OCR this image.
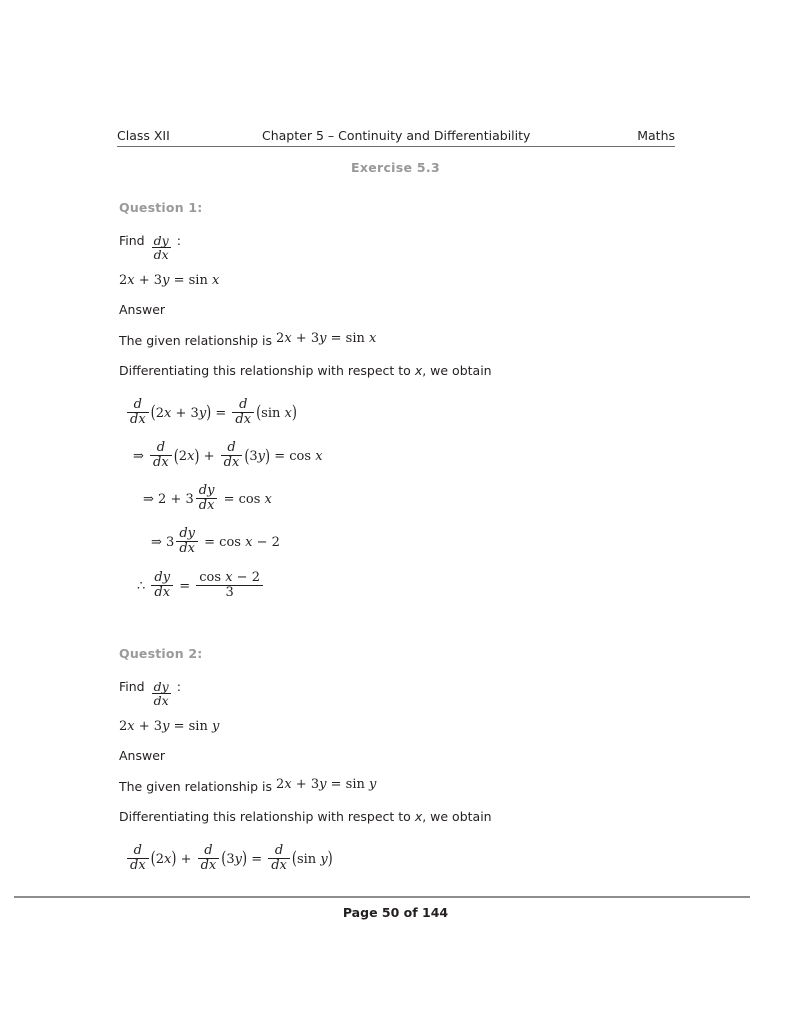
Class XII	Chapter 5 – Continuity and Differentiability	Maths
Exercise 5.3

Question 1:

Find $\frac{dy}{dx}$ :

2x + 3y = sin x

Answer

The given relationship is 2x + 3y = sin x

Differentiating this relationship with respect to x, we obtain

$\frac{d}{dx} (2x + 3y) = \frac{d}{dx} (\sin$ x)

⇒ $\frac{d}{dx} (2x) + \frac{d}{dx} (3y) = \cos x$

⇒ $2 + 3 \frac{dy}{dx} = \cos x$

⇒ $3 \frac{dy}{dx} = \cos x - 2$

∴ $\frac{dy}{dx} = \frac{\text{cos x − 2}}{3}$

Question 2:

Find $\frac{dy}{dx}$ :

2x + 3y = sin y

Answer

The given relationship is 2x + 3y = sin y

Differentiating this relationship with respect to x, we obtain

$\frac{d}{dx} (2x) + \frac{d}{dx} (3y) = \frac{d}{dx} (\sin$ y)

Page 50 of 144
